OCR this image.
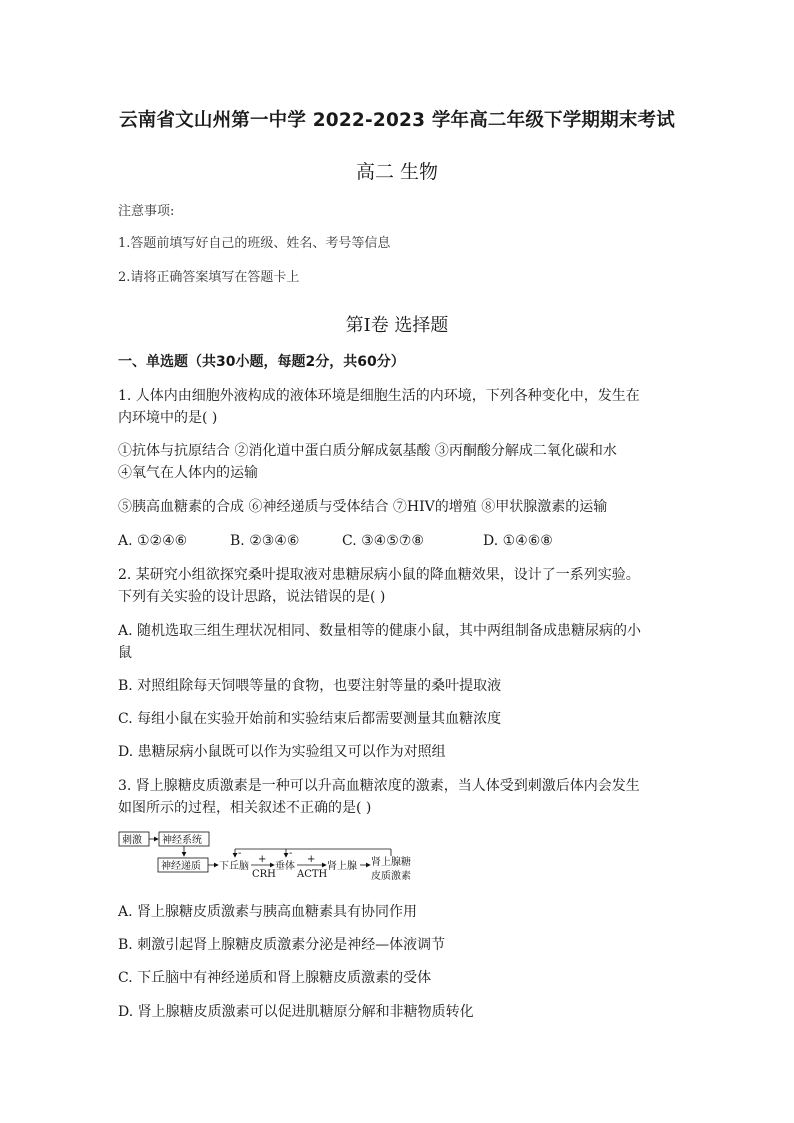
云南省文山州第一中学 2022-2023 学年高二年级下学期期末考试
高二 生物
注意事项:
1.答题前填写好自己的班级、姓名、考号等信息
2.请将正确答案填写在答题卡上
第Ⅰ卷 选择题
一、单选题（共30小题，每题2分，共60分）
1. 人体内由细胞外液构成的液体环境是细胞生活的内环境，下列各种变化中，发生在
内环境中的是( )
①抗体与抗原结合 ②消化道中蛋白质分解成氨基酸 ③丙酮酸分解成二氧化碳和水
④氧气在人体内的运输
⑤胰高血糖素的合成 ⑥神经递质与受体结合 ⑦HIV的增殖 ⑧甲状腺激素的运输
A. ①②④⑥	B. ②③④⑥	C. ③④⑤⑦⑧	D. ①④⑥⑧
2. 某研究小组欲探究桑叶提取液对患糖尿病小鼠的降血糖效果，设计了一系列实验。
下列有关实验的设计思路，说法错误的是( )
A. 随机选取三组生理状况相同、数量相等的健康小鼠，其中两组制备成患糖尿病的小
鼠
B. 对照组除每天饲喂等量的食物，也要注射等量的桑叶提取液
C. 每组小鼠在实验开始前和实验结束后都需要测量其血糖浓度
D. 患糖尿病小鼠既可以作为实验组又可以作为对照组
3. 肾上腺糖皮质激素是一种可以升高血糖浓度的激素，当人体受到刺激后体内会发生
如图所示的过程，相关叙述不正确的是( )
刺激 神经系统
神经递质 下丘脑
+
CRH
垂体
+
ACTH
肾上腺 肾上腺糖
皮质激素
-	-
A. 肾上腺糖皮质激素与胰高血糖素具有协同作用
B. 刺激引起肾上腺糖皮质激素分泌是神经—体液调节
C. 下丘脑中有神经递质和肾上腺糖皮质激素的受体
D. 肾上腺糖皮质激素可以促进肌糖原分解和非糖物质转化
